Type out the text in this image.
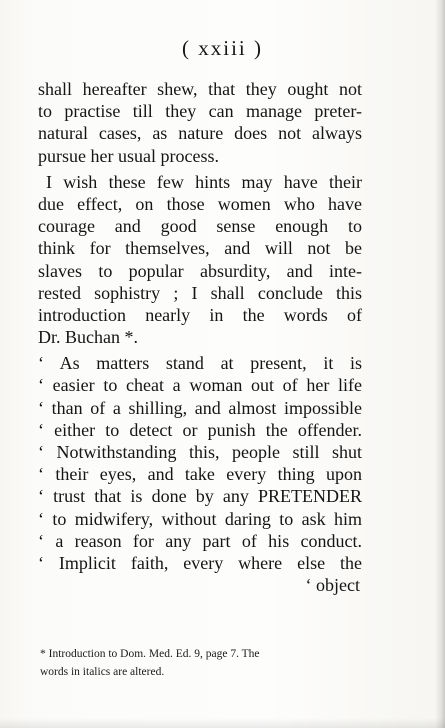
( xxiii )
shall hereafter shew, that they ought not
to practise till they can manage preter-
natural cases, as nature does not always
pursue her usual process.
I wish these few hints may have their
due effect, on those women who have
courage and good sense enough to
think for themselves, and will not be
slaves to popular absurdity, and inte-
rested sophistry ; I shall conclude this
introduction nearly in the words of
Dr. Buchan *.
‘ As matters stand at present, it is
‘ easier to cheat a woman out of her life
‘ than of a shilling, and almost impossible
‘ either to detect or punish the offender.
‘ Notwithstanding this, people still shut
‘ their eyes, and take every thing upon
‘ trust that is done by any PRETENDER
‘ to midwifery, without daring to ask him
‘ a reason for any part of his conduct.
‘ Implicit faith, every where else the
‘ object
* Introduction to Dom. Med. Ed. 9, page 7. The
words in italics are altered.
